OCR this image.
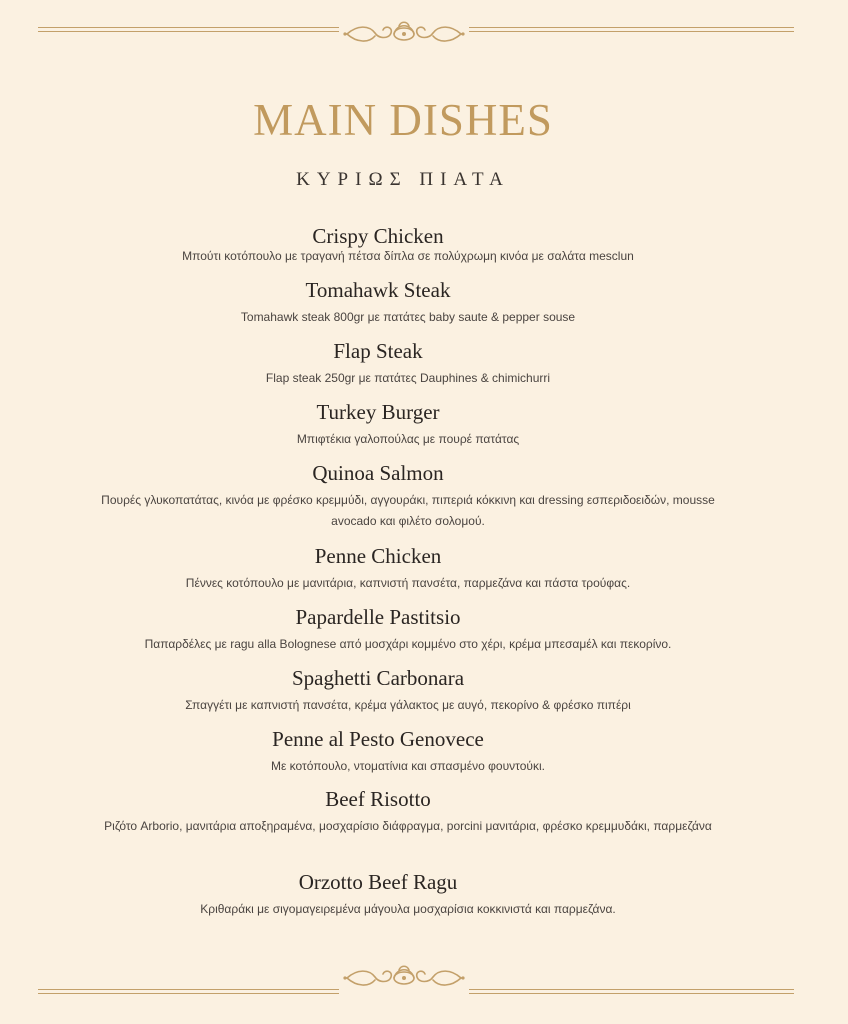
MAIN DISHES
ΚΥΡΙΩΣ ΠΙΑΤΑ
Crispy Chicken
Μπούτι κοτόπουλο με τραγανή πέτσα δίπλα σε πολύχρωμη κινόα με σαλάτα mesclun
Tomahawk Steak
Tomahawk steak 800gr με πατάτες baby saute & pepper souse
Flap Steak
Flap steak 250gr με πατάτες Dauphines & chimichurri
Turkey Burger
Μπιφτέκια γαλοπούλας με πουρέ πατάτας
Quinoa Salmon
Πουρές γλυκοπατάτας, κινόα με φρέσκο κρεμμύδι, αγγουράκι, πιπεριά κόκκινη και dressing εσπεριδοειδών, mousse avocado και φιλέτο σολομού.
Penne Chicken
Πέννες κοτόπουλο με μανιτάρια, καπνιστή πανσέτα, παρμεζάνα και πάστα τρούφας.
Papardelle Pastitsio
Παπαρδέλες με ragu alla Bolognese από μοσχάρι κομμένο στο χέρι, κρέμα μπεσαμέλ και πεκορίνο.
Spaghetti Carbonara
Σπαγγέτι με καπνιστή πανσέτα, κρέμα γάλακτος με αυγό, πεκορίνο & φρέσκο πιπέρι
Penne al Pesto Genovece
Με κοτόπουλο, ντοματίνια και σπασμένο φουντούκι.
Beef Risotto
Ριζότο Arborio, μανιτάρια αποξηραμένα, μοσχαρίσιο διάφραγμα, porcini μανιτάρια, φρέσκο κρεμμυδάκι, παρμεζάνα
Orzotto Beef Ragu
Κριθαράκι με σιγομαγειρεμένα μάγουλα μοσχαρίσια κοκκινιστά και παρμεζάνα.
